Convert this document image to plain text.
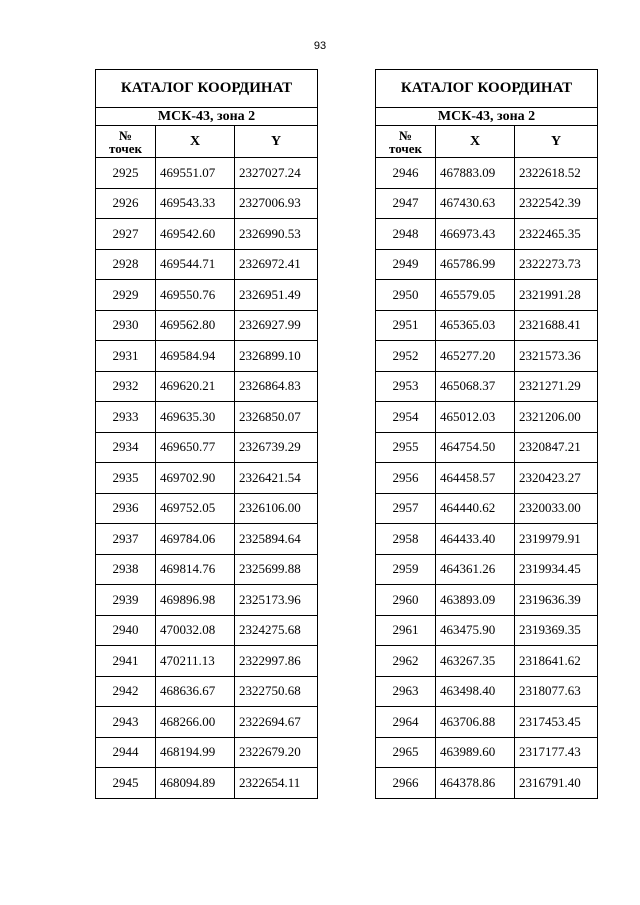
93
КАТАЛОГ КООРДИНАТ		
МСК-43, зона 2		
№
точек	X	Y
2925	469551.07	2327027.24
2926	469543.33	2327006.93
2927	469542.60	2326990.53
2928	469544.71	2326972.41
2929	469550.76	2326951.49
2930	469562.80	2326927.99
2931	469584.94	2326899.10
2932	469620.21	2326864.83
2933	469635.30	2326850.07
2934	469650.77	2326739.29
2935	469702.90	2326421.54
2936	469752.05	2326106.00
2937	469784.06	2325894.64
2938	469814.76	2325699.88
2939	469896.98	2325173.96
2940	470032.08	2324275.68
2941	470211.13	2322997.86
2942	468636.67	2322750.68
2943	468266.00	2322694.67
2944	468194.99	2322679.20
2945	468094.89	2322654.11
КАТАЛОГ КООРДИНАТ		
МСК-43, зона 2		
№
точек	X	Y
2946	467883.09	2322618.52
2947	467430.63	2322542.39
2948	466973.43	2322465.35
2949	465786.99	2322273.73
2950	465579.05	2321991.28
2951	465365.03	2321688.41
2952	465277.20	2321573.36
2953	465068.37	2321271.29
2954	465012.03	2321206.00
2955	464754.50	2320847.21
2956	464458.57	2320423.27
2957	464440.62	2320033.00
2958	464433.40	2319979.91
2959	464361.26	2319934.45
2960	463893.09	2319636.39
2961	463475.90	2319369.35
2962	463267.35	2318641.62
2963	463498.40	2318077.63
2964	463706.88	2317453.45
2965	463989.60	2317177.43
2966	464378.86	2316791.40
